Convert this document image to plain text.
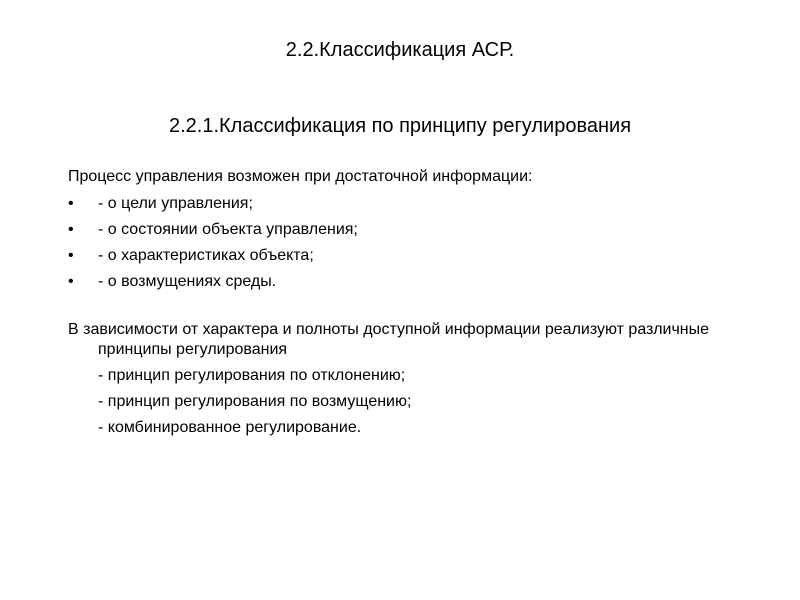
2.2.Классификация АСР.
2.2.1.Классификация по принципу регулирования

Процесс управления возможен при достаточной информации:

• - о цели управления;
• - о состоянии объекта управления;
• - о характеристиках объекта;
• - о возмущениях среды.

В зависимости от характера и полноты доступной информации реализуют различные принципы регулирования

- принцип регулирования по отклонению;
- принцип регулирования по возмущению;
- комбинированное регулирование.
